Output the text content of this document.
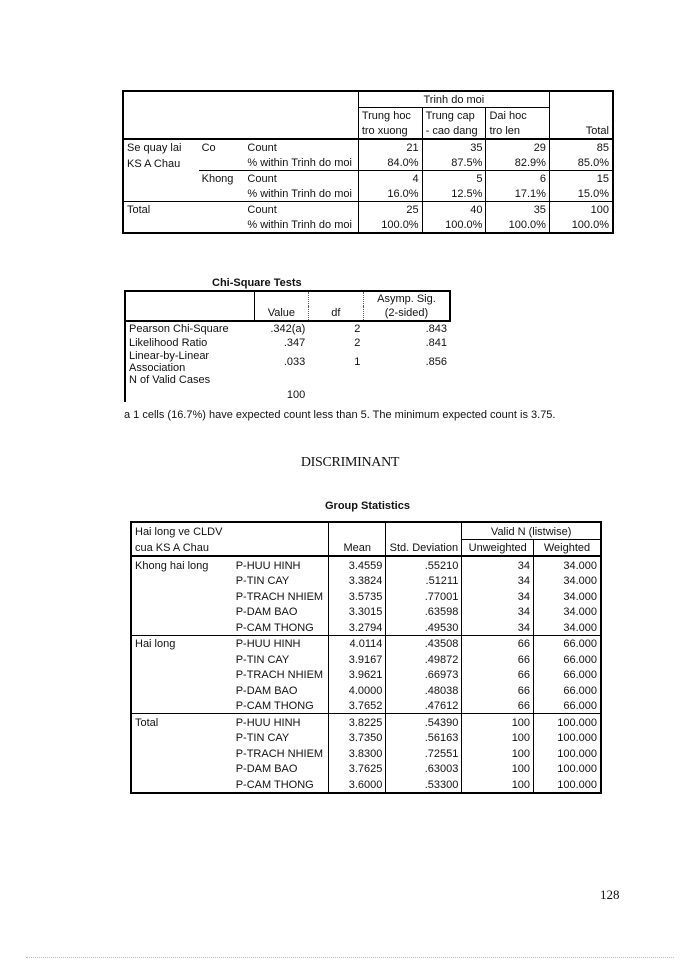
			Trinh do moi			Total
			Trung hoc	Trung cap	Dai hoc	
			tro xuong	- cao dang	tro len	
Se quay lai	Co	Count	21	35	29	85
KS A Chau		% within Trinh do moi	84.0%	87.5%	82.9%	85.0%
	Khong	Count	4	5	6	15
		% within Trinh do moi	16.0%	12.5%	17.1%	15.0%
Total		Count	25	40	35	100
		% within Trinh do moi	100.0%	100.0%	100.0%	100.0%
Chi-Square Tests
	Value	df	Asymp. Sig.
			(2-sided)
Pearson Chi-Square	.342(a)	2	.843
Likelihood Ratio	.347	2	.841
Linear-by-Linear
Association	.033	1	.856
N of Valid Cases	100		
a 1 cells (16.7%) have expected count less than 5. The minimum expected count is 3.75.
DISCRIMINANT
Group Statistics
Hai long ve CLDV		Mean	Std. Deviation	Valid N (listwise)	
cua KS A Chau				Unweighted	Weighted
Khong hai long	P-HUU HINH	3.4559	.55210	34	34.000
	P-TIN CAY	3.3824	.51211	34	34.000
	P-TRACH NHIEM	3.5735	.77001	34	34.000
	P-DAM BAO	3.3015	.63598	34	34.000
	P-CAM THONG	3.2794	.49530	34	34.000
Hai long	P-HUU HINH	4.0114	.43508	66	66.000
	P-TIN CAY	3.9167	.49872	66	66.000
	P-TRACH NHIEM	3.9621	.66973	66	66.000
	P-DAM BAO	4.0000	.48038	66	66.000
	P-CAM THONG	3.7652	.47612	66	66.000
Total	P-HUU HINH	3.8225	.54390	100	100.000
	P-TIN CAY	3.7350	.56163	100	100.000
	P-TRACH NHIEM	3.8300	.72551	100	100.000
	P-DAM BAO	3.7625	.63003	100	100.000
	P-CAM THONG	3.6000	.53300	100	100.000
128
